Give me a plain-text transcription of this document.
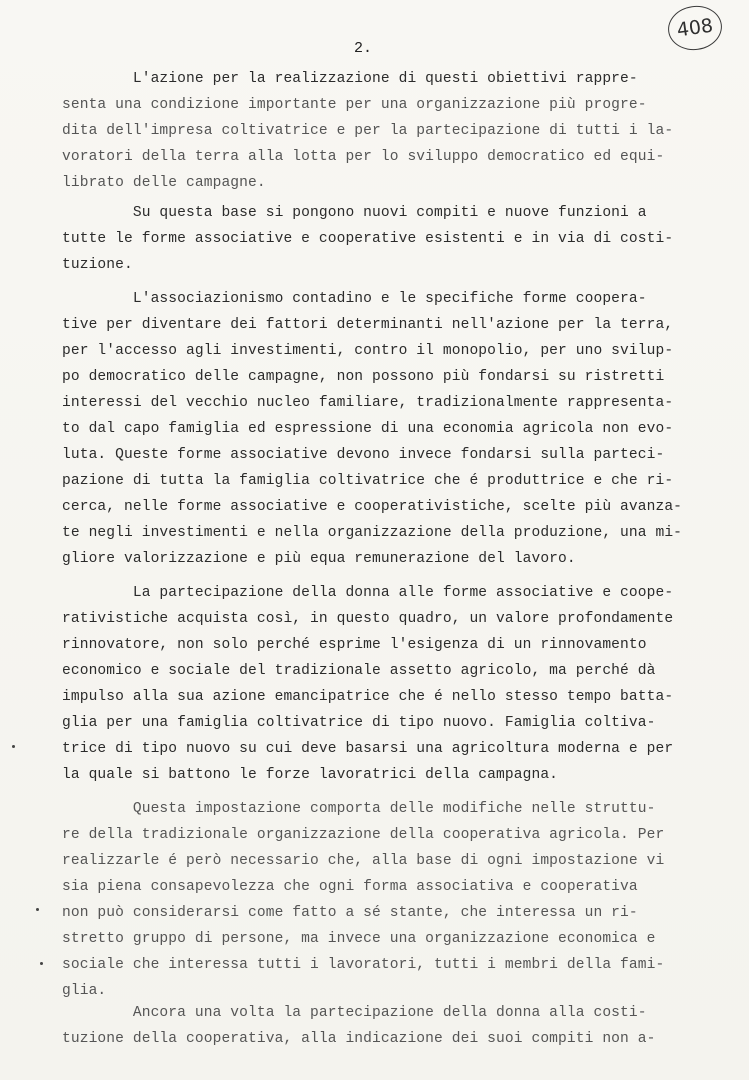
408
2.
L'azione per la realizzazione di questi obiettivi rappre-
senta una condizione importante per una organizzazione più progre-
dita dell'impresa coltivatrice e per la partecipazione di tutti i la-
voratori della terra alla lotta per lo sviluppo democratico ed equi-
librato delle campagne.
Su questa base si pongono nuovi compiti e nuove funzioni a
tutte le forme associative e cooperative esistenti e in via di costi-
tuzione.
L'associazionismo contadino e le specifiche forme coopera-
tive per diventare dei fattori determinanti nell'azione per la terra,
per l'accesso agli investimenti, contro il monopolio, per uno svilup-
po democratico delle campagne, non possono più fondarsi su ristretti
interessi del vecchio nucleo familiare, tradizionalmente rappresenta-
to dal capo famiglia ed espressione di una economia agricola non evo-
luta. Queste forme associative devono invece fondarsi sulla parteci-
pazione di tutta la famiglia coltivatrice che é produttrice e che ri-
cerca, nelle forme associative e cooperativistiche, scelte più avanza-
te negli investimenti e nella organizzazione della produzione, una mi-
gliore valorizzazione e più equa remunerazione del lavoro.
La partecipazione della donna alle forme associative e coope-
rativistiche acquista così, in questo quadro, un valore profondamente
rinnovatore, non solo perché esprime l'esigenza di un rinnovamento
economico e sociale del tradizionale assetto agricolo, ma perché dà
impulso alla sua azione emancipatrice che é nello stesso tempo batta-
glia per una famiglia coltivatrice di tipo nuovo. Famiglia coltiva-
trice di tipo nuovo su cui deve basarsi una agricoltura moderna e per
la quale si battono le forze lavoratrici della campagna.
Questa impostazione comporta delle modifiche nelle struttu-
re della tradizionale organizzazione della cooperativa agricola. Per
realizzarle é però necessario che, alla base di ogni impostazione vi
sia piena consapevolezza che ogni forma associativa e cooperativa
non può considerarsi come fatto a sé stante, che interessa un ri-
stretto gruppo di persone, ma invece una organizzazione economica e
sociale che interessa tutti i lavoratori, tutti i membri della fami-
glia.
Ancora una volta la partecipazione della donna alla costi-
tuzione della cooperativa, alla indicazione dei suoi compiti non a-
